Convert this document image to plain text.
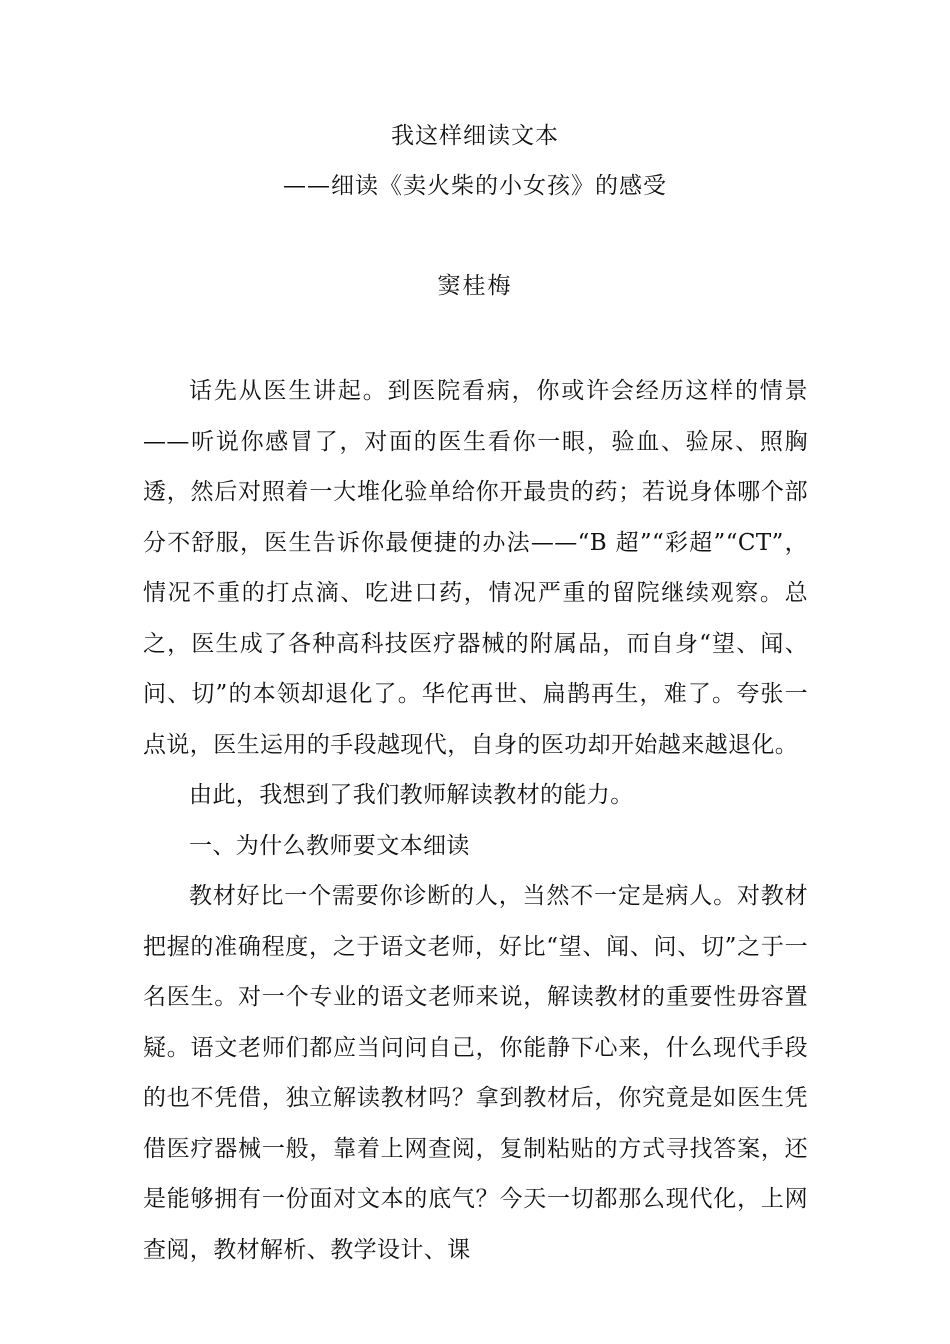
我这样细读文本
——细读《卖火柴的小女孩》的感受
窦桂梅

话先从医生讲起。到医院看病，你或许会经历这样的情景——听说你感冒了，对面的医生看你一眼，验血、验尿、照胸透，然后对照着一大堆化验单给你开最贵的药；若说身体哪个部分不舒服，医生告诉你最便捷的办法——“B 超”“彩超”“CT”，情况不重的打点滴、吃进口药，情况严重的留院继续观察。总之，医生成了各种高科技医疗器械的附属品，而自身“望、闻、问、切”的本领却退化了。华佗再世、扁鹊再生，难了。夸张一点说，医生运用的手段越现代，自身的医功却开始越来越退化。

由此，我想到了我们教师解读教材的能力。

一、为什么教师要文本细读

教材好比一个需要你诊断的人，当然不一定是病人。对教材把握的准确程度，之于语文老师，好比“望、闻、问、切”之于一名医生。对一个专业的语文老师来说，解读教材的重要性毋容置疑。语文老师们都应当问问自己，你能静下心来，什么现代手段的也不凭借，独立解读教材吗？拿到教材后，你究竟是如医生凭借医疗器械一般，靠着上网查阅，复制粘贴的方式寻找答案，还是能够拥有一份面对文本的底气？今天一切都那么现代化，上网查阅，教材解析、教学设计、课
